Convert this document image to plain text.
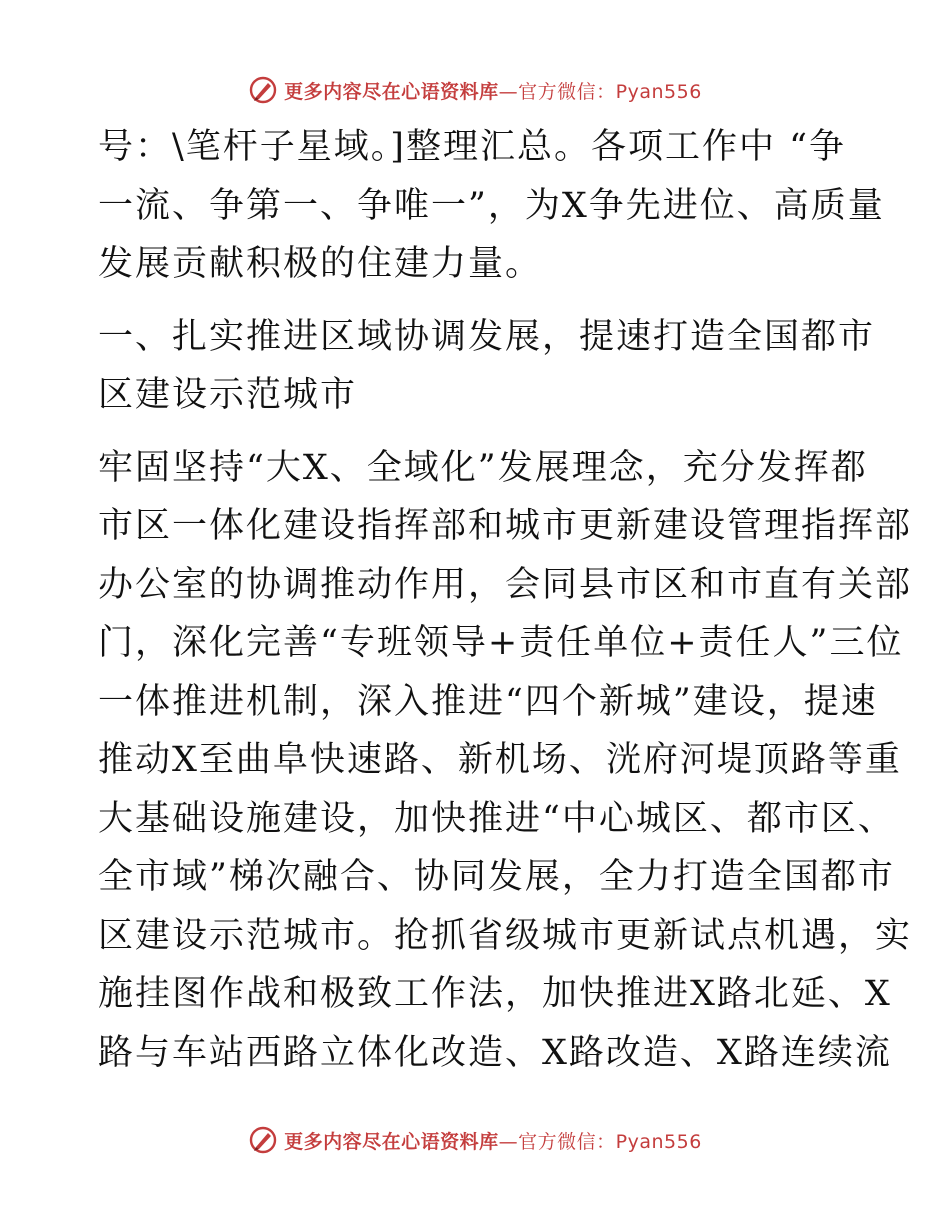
更多内容尽在心语资料库—官方微信：Pyan556
号：\笔杆子星域。]整理汇总。各项工作中 “争
一流、争第一、争唯一”，为X争先进位、高质量
发展贡献积极的住建力量。
一、扎实推进区域协调发展，提速打造全国都市
区建设示范城市
牢固坚持“大X、全域化”发展理念，充分发挥都
市区一体化建设指挥部和城市更新建设管理指挥部
办公室的协调推动作用，会同县市区和市直有关部
门，深化完善“专班领导+责任单位+责任人”三位
一体推进机制，深入推进“四个新城”建设，提速
推动X至曲阜快速路、新机场、洸府河堤顶路等重
大基础设施建设，加快推进“中心城区、都市区、
全市域”梯次融合、协同发展，全力打造全国都市
区建设示范城市。抢抓省级城市更新试点机遇，实
施挂图作战和极致工作法，加快推进X路北延、X
路与车站西路立体化改造、X路改造、X路连续流
更多内容尽在心语资料库—官方微信：Pyan556
